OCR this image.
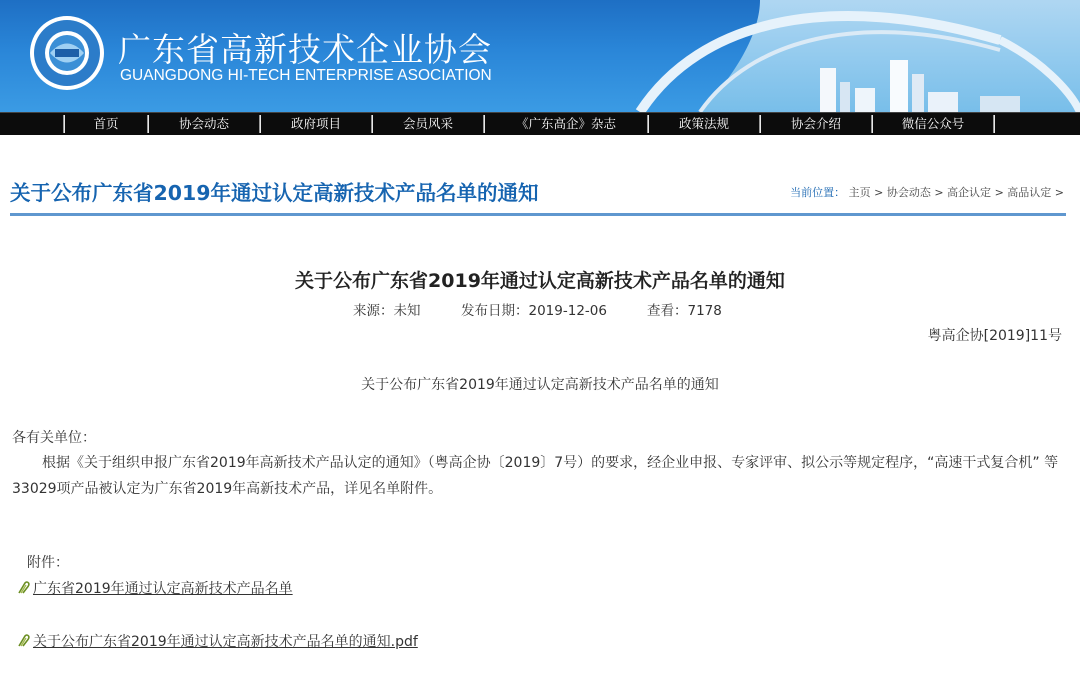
广东省高新技术企业协会
GUANGDONG HI-TECH ENTERPRISE ASOCIATION
首页	协会动态	政府项目	会员风采	《广东高企》杂志	政策法规	协会介绍	微信公众号
关于公布广东省2019年通过认定高新技术产品名单的通知	当前位置： 主页 > 协会动态 > 高企认定 > 高品认定 >
关于公布广东省2019年通过认定高新技术产品名单的通知
来源：未知	发布日期：2019-12-06	查看：7178
粤高企协[2019]11号
关于公布广东省2019年通过认定高新技术产品名单的通知
各有关单位：
根据《关于组织申报广东省2019年高新技术产品认定的通知》（粤高企协〔2019〕7号）的要求，经企业申报、专家评审、拟公示等规定程序，“高速干式复合机” 等33029项产品被认定为广东省2019年高新技术产品，详见名单附件。
附件：
广东省2019年通过认定高新技术产品名单
关于公布广东省2019年通过认定高新技术产品名单的通知.pdf
